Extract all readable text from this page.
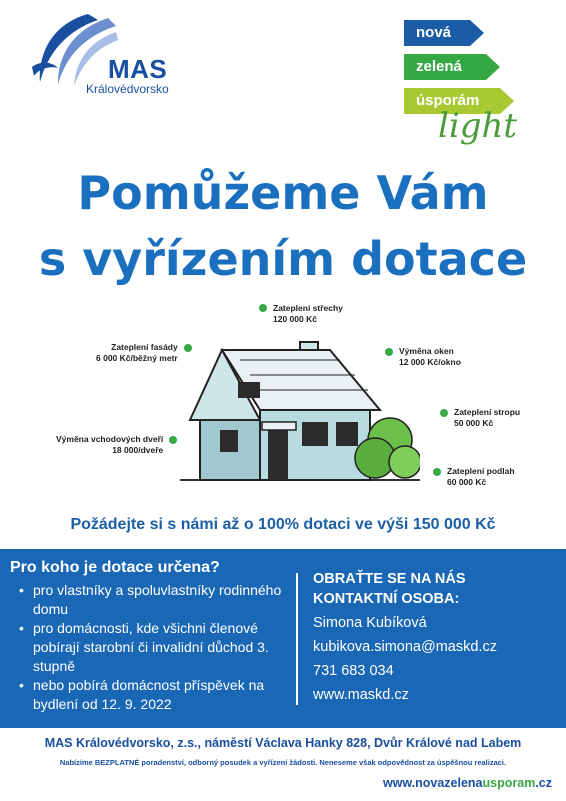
MAS
Královédvorsko
nová
zelená
úsporám
light
Pomůžeme Vám
s vyřízením dotace
Zateplení střechy
120 000 Kč
Zateplení fasády
6 000 Kč/běžný metr
Výměna oken
12 000 Kč/okno
Výměna vchodových dveří
18 000/dveře
Zateplení stropu
50 000 Kč
Zateplení podlah
60 000 Kč
Požádejte si s námi až o 100% dotaci ve výši 150 000 Kč
Pro koho je dotace určena?
• pro vlastníky a spoluvlastníky rodinného domu
• pro domácnosti, kde všichni členové pobírají starobní či invalidní důchod 3. stupně
• nebo pobírá domácnost příspěvek na bydlení od 12. 9. 2022
OBRAŤTE SE NA NÁS
KONTAKTNÍ OSOBA:
Simona Kubíková
kubikova.simona@maskd.cz
731 683 034
www.maskd.cz
MAS Královédvorsko, z.s., náměstí Václava Hanky 828, Dvůr Králové nad Labem
Nabízíme BEZPLATNÉ poradenství, odborný posudek a vyřízení žádosti. Neneseme však odpovědnost za úspěšnou realizaci.
www.novazelenausporam.cz
